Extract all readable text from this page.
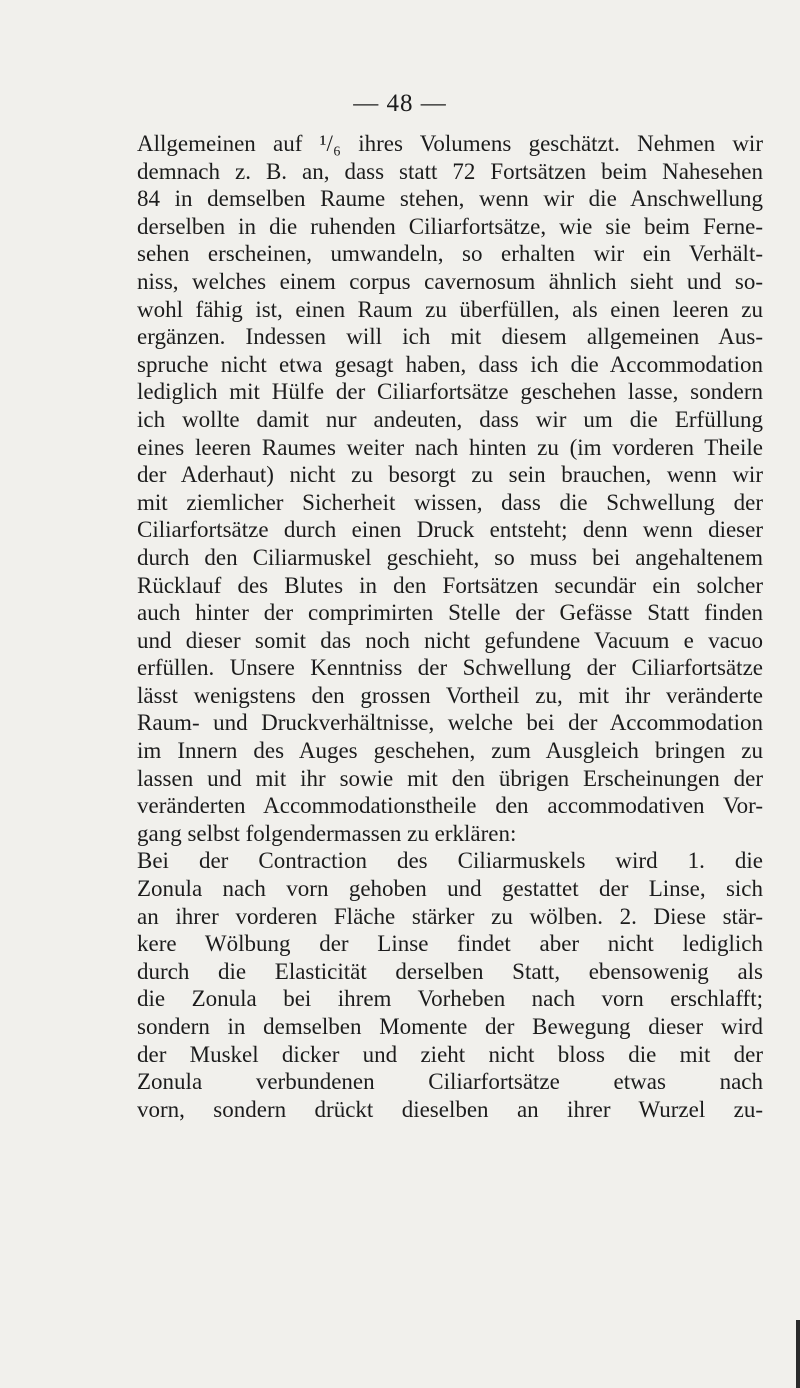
— 48 —
Allgemeinen auf ¹/₆ ihres Volumens geschätzt. Nehmen wir
demnach z. B. an, dass statt 72 Fortsätzen beim Nahesehen
84 in demselben Raume stehen, wenn wir die Anschwellung
derselben in die ruhenden Ciliarfortsätze, wie sie beim Ferne-
sehen erscheinen, umwandeln, so erhalten wir ein Verhält-
niss, welches einem corpus cavernosum ähnlich sieht und so-
wohl fähig ist, einen Raum zu überfüllen, als einen leeren zu
ergänzen. Indessen will ich mit diesem allgemeinen Aus-
spruche nicht etwa gesagt haben, dass ich die Accommodation
lediglich mit Hülfe der Ciliarfortsätze geschehen lasse, sondern
ich wollte damit nur andeuten, dass wir um die Erfüllung
eines leeren Raumes weiter nach hinten zu (im vorderen Theile
der Aderhaut) nicht zu besorgt zu sein brauchen, wenn wir
mit ziemlicher Sicherheit wissen, dass die Schwellung der
Ciliarfortsätze durch einen Druck entsteht; denn wenn dieser
durch den Ciliarmuskel geschieht, so muss bei angehaltenem
Rücklauf des Blutes in den Fortsätzen secundär ein solcher
auch hinter der comprimirten Stelle der Gefässe Statt finden
und dieser somit das noch nicht gefundene Vacuum e vacuo
erfüllen. Unsere Kenntniss der Schwellung der Ciliarfortsätze
lässt wenigstens den grossen Vortheil zu, mit ihr veränderte
Raum- und Druckverhältnisse, welche bei der Accommodation
im Innern des Auges geschehen, zum Ausgleich bringen zu
lassen und mit ihr sowie mit den übrigen Erscheinungen der
veränderten Accommodationstheile den accommodativen Vor-
gang selbst folgendermassen zu erklären:
Bei der Contraction des Ciliarmuskels wird 1. die
Zonula nach vorn gehoben und gestattet der Linse, sich
an ihrer vorderen Fläche stärker zu wölben. 2. Diese stär-
kere Wölbung der Linse findet aber nicht lediglich
durch die Elasticität derselben Statt, ebensowenig als
die Zonula bei ihrem Vorheben nach vorn erschlafft;
sondern in demselben Momente der Bewegung dieser wird
der Muskel dicker und zieht nicht bloss die mit der
Zonula verbundenen Ciliarfortsätze etwas nach
vorn, sondern drückt dieselben an ihrer Wurzel zu-
